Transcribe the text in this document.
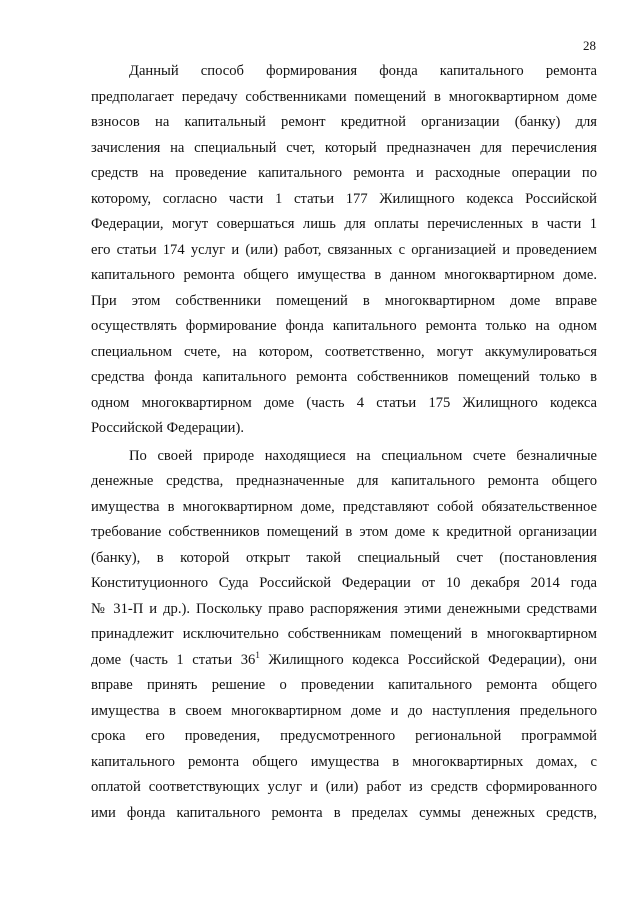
28

Данный способ формирования фонда капитального ремонта
предполагает передачу собственниками помещений в многоквартирном доме
взносов на капитальный ремонт кредитной организации (банку) для
зачисления на специальный счет, который предназначен для перечисления
средств на проведение капитального ремонта и расходные операции по
которому, согласно части 1 статьи 177 Жилищного кодекса Российской
Федерации, могут совершаться лишь для оплаты перечисленных в части 1
его статьи 174 услуг и (или) работ, связанных с организацией и проведением
капитального ремонта общего имущества в данном многоквартирном доме.
При этом собственники помещений в многоквартирном доме вправе
осуществлять формирование фонда капитального ремонта только на одном
специальном счете, на котором, соответственно, могут аккумулироваться
средства фонда капитального ремонта собственников помещений только в
одном многоквартирном доме (часть 4 статьи 175 Жилищного кодекса
Российской Федерации).

По своей природе находящиеся на специальном счете безналичные
денежные средства, предназначенные для капитального ремонта общего
имущества в многоквартирном доме, представляют собой обязательственное
требование собственников помещений в этом доме к кредитной организации
(банку), в которой открыт такой специальный счет (постановления
Конституционного Суда Российской Федерации от 10 декабря 2014 года
№ 31-П и др.). Поскольку право распоряжения этими денежными средствами
принадлежит исключительно собственникам помещений в многоквартирном
доме (часть 1 статьи $36^1$ Жилищного кодекса Российской Федерации), они
вправе принять решение о проведении капитального ремонта общего
имущества в своем многоквартирном доме и до наступления предельного
срока его проведения, предусмотренного региональной программой
капитального ремонта общего имущества в многоквартирных домах, с
оплатой соответствующих услуг и (или) работ из средств сформированного
ими фонда капитального ремонта в пределах суммы денежных средств,
